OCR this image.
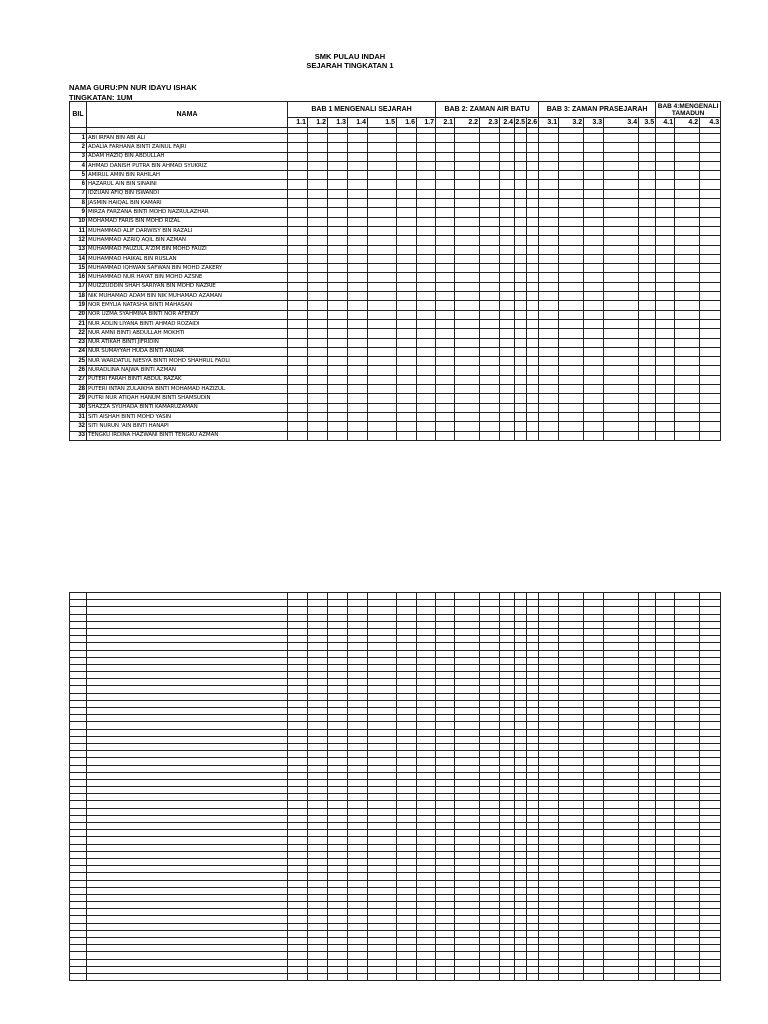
SMK PULAU INDAH
SEJARAH TINGKATAN 1
NAMA GURU:PN NUR IDAYU ISHAK
TINGKATAN: 1UM
BIL	NAMA	BAB 1 MENGENALI SEJARAH							BAB 2: ZAMAN AIR BATU						BAB 3: ZAMAN PRASEJARAH					BAB 4:MENGENALI TAMADUN		
		1.1	1.2	1.3	1.4	1.5	1.6	1.7	2.1	2.2	2.3	2.4	2.5	2.6	3.1	3.2	3.3	3.4	3.5	4.1	4.2	4.3

1	ABI IRFAN BIN ABI ALI																					
2	ADALIA FARHANA BINTI ZAINUL FAJRI																					
3	ADAM HAZIQ BIN ABDULLAH																					
4	AHMAD DANISH PUTRA BIN AHMAD SYUKRIZ																					
5	AMIRUL AMIN BIN RAHILAH																					
6	HAZARUL AIN BIN SINAINI																					
7	IDZUAN AFIQ BIN ISWANDI																					
8	JASMIN HAIQAL BIN KAMARI																					
9	MIRZA FARZANA BINTI MOHD NAZRULAZHAR																					
10	MOHAMAD FARIS BIN MOHD RIZAL																					
11	MUHAMMAD ALIF DARWISY BIN RAZALI																					
12	MUHAMMAD AZRIQ AQIL BIN AZMAN																					
13	MUHAMMAD FAUZUL A'ZIM BIN MOHD FAUZI																					
14	MUHAMMAD HAIKAL BIN RUSLAN																					
15	MUHAMMAD IQHWAN SAFWAN BIN MOHD ZAKERY																					
16	MUHAMMAD NUR HAYAT BIN MOHD AZSNE																					
17	MUIZZUDDIN SHAH SARIYAN BIN MOHD NAZRIE																					
18	NIK MUHAMAD ADAM BIN NIK MUHAMAD AZAMAN																					
19	NOR EMYLIA NATASHA BINTI MAHASAN																					
20	NOR UZMA SYAHMINA BINTI NOR AFENDY																					
21	NUR ADLIN LIYANA BINTI AHMAD ROZAIDI																					
22	NUR AMNI BINTI ABDULLAH MOKHTI																					
23	NUR ATIKAH BINTI JIFRIDIN																					
24	NUR SUMAYYAH HUDA BINTI ANUAR																					
25	NUR WARDATUL NIESYA BINTI MOHD SHAHRUL FADLI																					
26	NURADLINA NAJWA BINTI AZMAN																					
27	PUTERI FARAH BINTI ABDUL RAZAK																					
28	PUTERI INTAN ZULAIKHA BINTI MOHAMAD HAZIZUL																					
29	PUTRI NUR ATIQAH HANUM BINTI SHAMSUDIN																					
30	SHAZZA SYUHADA BINTI KAMARUZAMAN																					
31	SITI AISHAH BINTI MOHD YASIN																					
32	SITI NURUN 'AIN BINTI HANAPI																					
33	TENGKU IRDINA HAZWANI BINTI TENGKU AZMAN																					
